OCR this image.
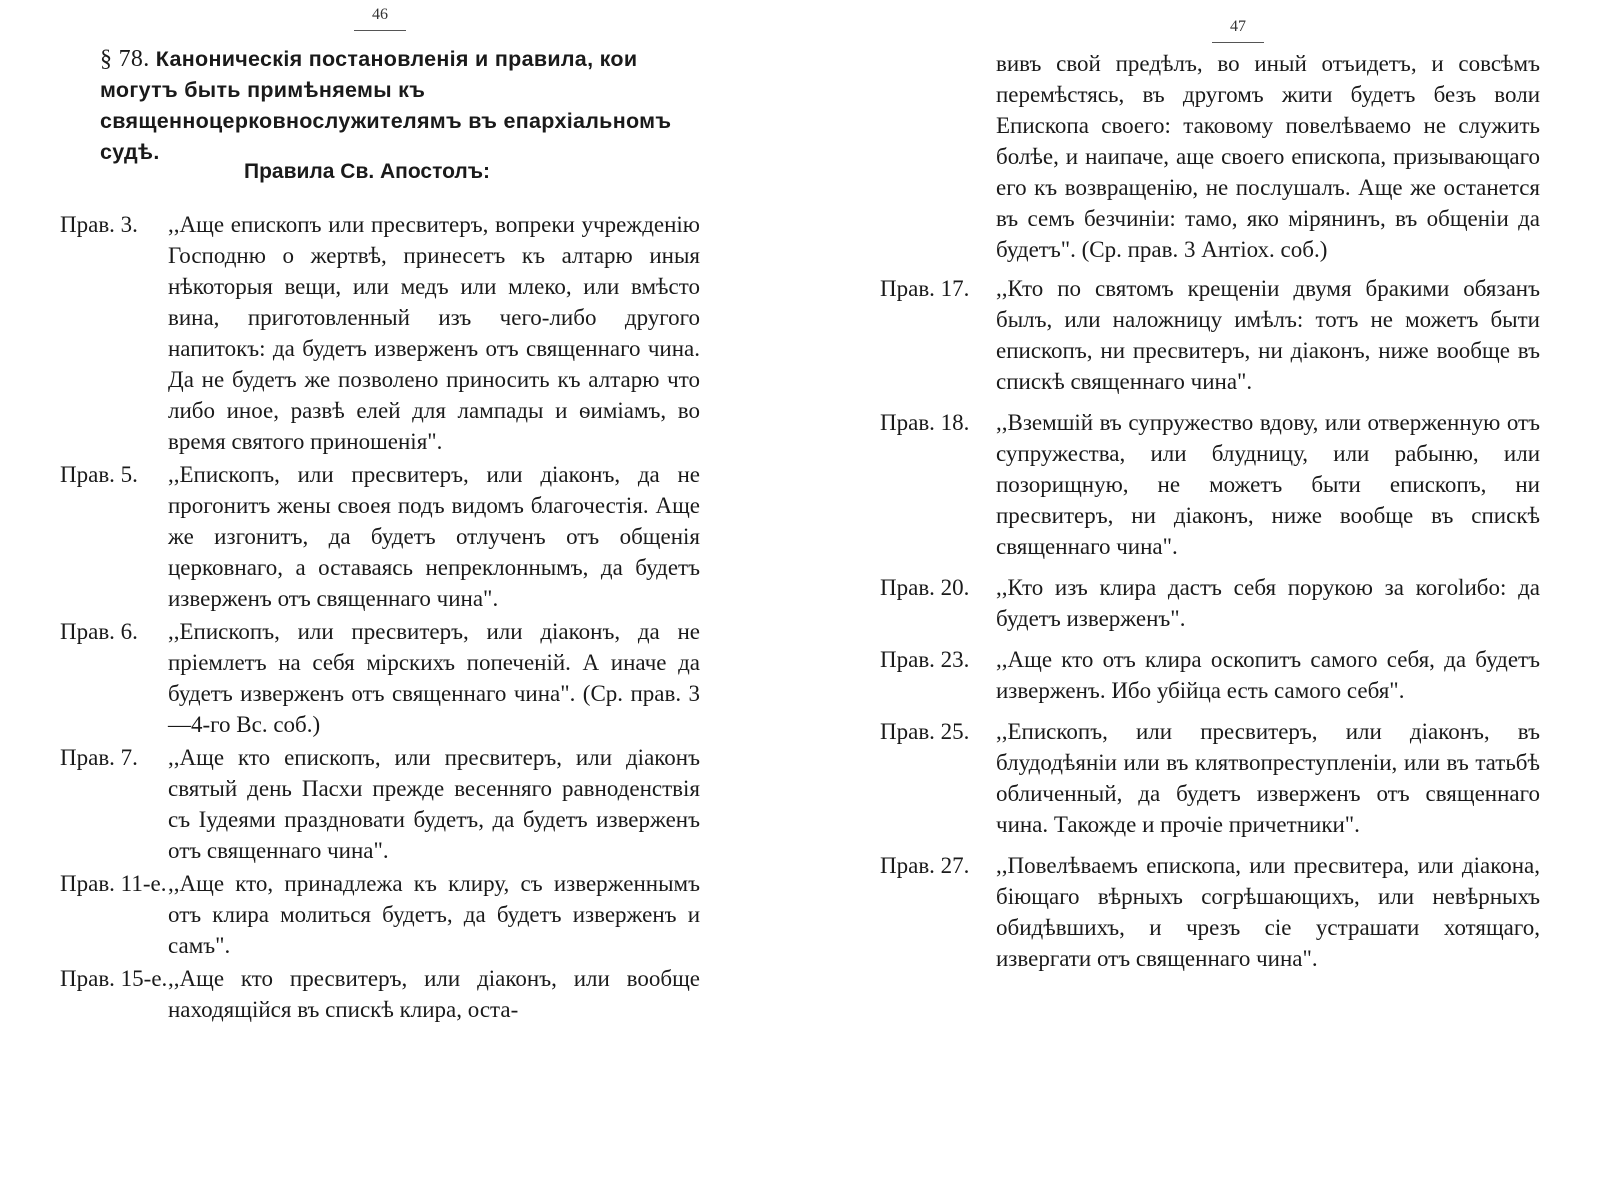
46
§ 78. Каноническія постановленія и правила, кои могутъ быть примѣняемы къ священноцерковнослужителямъ въ епархіальномъ судѣ.
Правила Св. Апостолъ:
Прав. 3.	,,Аще епископъ или пресвитеръ, вопреки учрежденію Господню о жертвѣ, принесетъ къ алтарю иныя нѣкоторыя вещи, или медъ или млеко, или вмѣсто вина, приготовленный изъ чего-либо другого напитокъ: да будетъ изверженъ отъ священнаго чина. Да не будетъ же позволено приносить къ алтарю что либо иное, развѣ елей для лампады и ѳиміамъ, во время святого приношенія".
Прав. 5.	,,Епископъ, или пресвитеръ, или діаконъ, да не прогонитъ жены своея подъ видомъ благочестія. Аще же изгонитъ, да будетъ отлученъ отъ общенія церковнаго, а оставаясь непреклоннымъ, да будетъ изверженъ отъ священнаго чина".
Прав. 6.	,,Епископъ, или пресвитеръ, или діаконъ, да не пріемлетъ на себя мірскихъ попеченій. А иначе да будетъ изверженъ отъ священнаго чина". (Ср. прав. 3—4-го Вс. соб.)
Прав. 7.	,,Аще кто епископъ, или пресвитеръ, или діаконъ святый день Пасхи прежде весенняго равноденствія съ Іудеями праздновати будетъ, да будетъ изверженъ отъ священнаго чина".
Прав. 11-е. ,,Аще кто, принадлежа къ клиру, съ изверженнымъ отъ клира молиться будетъ, да будетъ изверженъ и самъ".
Прав. 15-е. ,,Аще кто пресвитеръ, или діаконъ, или вообще находящійся въ спискѣ клира, оста-
47
вивъ свой предѣлъ, во иный отъидетъ, и совсѣмъ перемѣстясь, въ другомъ жити будетъ безъ воли Епископа своего: таковому повелѣваемо не служить болѣе, и наипаче, аще своего епископа, призывающаго его къ возвращенію, не послушалъ. Аще же останется въ семъ безчиніи: тамо, яко мірянинъ, въ общеніи да будетъ". (Ср. прав. 3 Антіох. соб.)
Прав. 17.	,,Кто по святомъ крещеніи двумя бракими обязанъ былъ, или наложницу имѣлъ: тотъ не можетъ быти епископъ, ни пресвитеръ, ни діаконъ, ниже вообще въ спискѣ священнаго чина".
Прав. 18.	,,Вземшій въ супружество вдову, или отверженную отъ супружества, или блудницу, или рабыню, или позорищную, не можетъ быти епископъ, ни пресвитеръ, ни діаконъ, ниже вообще въ спискѣ священнаго чина".
Прав. 20.	,,Кто изъ клира дастъ себя порукою за когolибо: да будетъ изверженъ".
Прав. 23.	,,Аще кто отъ клира оскопитъ самого себя, да будетъ изверженъ. Ибо убійца есть самого себя".
Прав. 25.	,,Епископъ, или пресвитеръ, или діаконъ, въ блудодѣяніи или въ клятвопреступленіи, или въ татьбѣ обличенный, да будетъ изверженъ отъ священнаго чина. Такожде и прочіе причетники".
Прав. 27.	,,Повелѣваемъ епископа, или пресвитера, или діакона, біющаго вѣрныхъ согрѣшающихъ, или невѣрныхъ обидѣвшихъ, и чрезъ сіе устрашати хотящаго, извергати отъ священнаго чина".
